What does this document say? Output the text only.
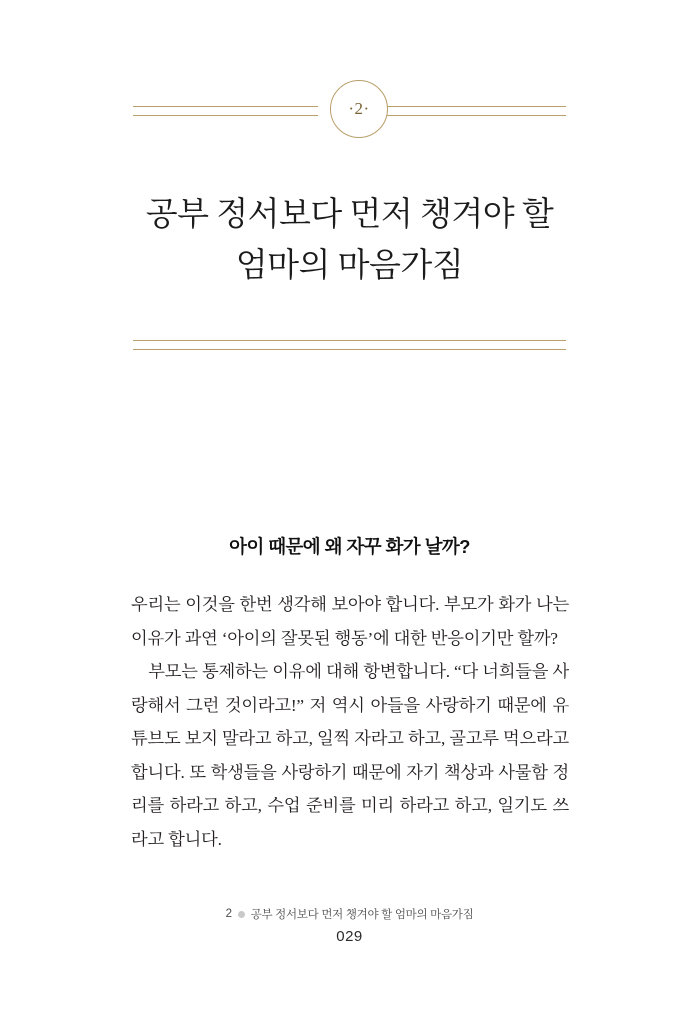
·2·
공부 정서보다 먼저 챙겨야 할
엄마의 마음가짐
아이 때문에 왜 자꾸 화가 날까?

우리는 이것을 한번 생각해 보아야 합니다. 부모가 화가 나는 이유가 과연 ‘아이의 잘못된 행동’에 대한 반응이기만 할까?

부모는 통제하는 이유에 대해 항변합니다. “다 너희들을 사랑해서 그런 것이라고!” 저 역시 아들을 사랑하기 때문에 유튜브도 보지 말라고 하고, 일찍 자라고 하고, 골고루 먹으라고 합니다. 또 학생들을 사랑하기 때문에 자기 책상과 사물함 정리를 하라고 하고, 수업 준비를 미리 하라고 하고, 일기도 쓰라고 합니다.

2 공부 정서보다 먼저 챙겨야 할 엄마의 마음가짐
029
